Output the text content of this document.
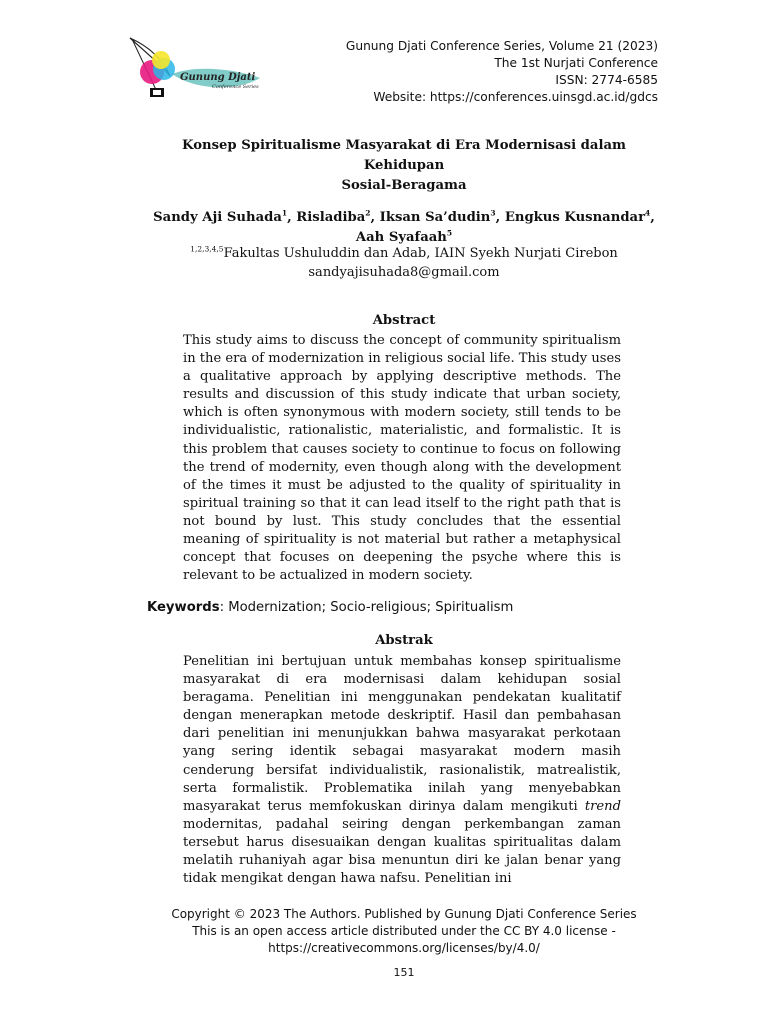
Gunung Djati
Conference Series
Gunung Djati Conference Series, Volume 21 (2023)
The 1st Nurjati Conference
ISSN: 2774-6585
Website: https://conferences.uinsgd.ac.id/gdcs
Konsep Spiritualisme Masyarakat di Era Modernisasi dalam Kehidupan
Sosial-Beragama
Sandy Aji Suhada$^1$, Risladiba$^2$, Iksan Sa’dudin$^3$, Engkus Kusnandar$^4$,
Aah Syafaah$^5$
$^{1,2,3,4,5}$Fakultas Ushuluddin dan Adab, IAIN Syekh Nurjati Cirebon
sandyajisuhada8@gmail.com
Abstract
This study aims to discuss the concept of community spiritualism in the era of modernization in religious social life. This study uses a qualitative approach by applying descriptive methods. The results and discussion of this study indicate that urban society, which is often synonymous with modern society, still tends to be individualistic, rationalistic, materialistic, and formalistic. It is this problem that causes society to continue to focus on following the trend of modernity, even though along with the development of the times it must be adjusted to the quality of spirituality in spiritual training so that it can lead itself to the right path that is not bound by lust. This study concludes that the essential meaning of spirituality is not material but rather a metaphysical concept that focuses on deepening the psyche where this is relevant to be actualized in modern society.
Keywords: Modernization; Socio-religious; Spiritualism
Abstrak
Penelitian ini bertujuan untuk membahas konsep spiritualisme masyarakat di era modernisasi dalam kehidupan sosial beragama. Penelitian ini menggunakan pendekatan kualitatif dengan menerapkan metode deskriptif. Hasil dan pembahasan dari penelitian ini menunjukkan bahwa masyarakat perkotaan yang sering identik sebagai masyarakat modern masih cenderung bersifat individualistik, rasionalistik, matrealistik, serta formalistik. Problematika inilah yang menyebabkan masyarakat terus memfokuskan dirinya dalam mengikuti trend modernitas, padahal seiring dengan perkembangan zaman tersebut harus disesuaikan dengan kualitas spiritualitas dalam melatih ruhaniyah agar bisa menuntun diri ke jalan benar yang tidak mengikat dengan hawa nafsu. Penelitian ini
Copyright © 2023 The Authors. Published by Gunung Djati Conference Series
This is an open access article distributed under the CC BY 4.0 license -
https://creativecommons.org/licenses/by/4.0/
151
